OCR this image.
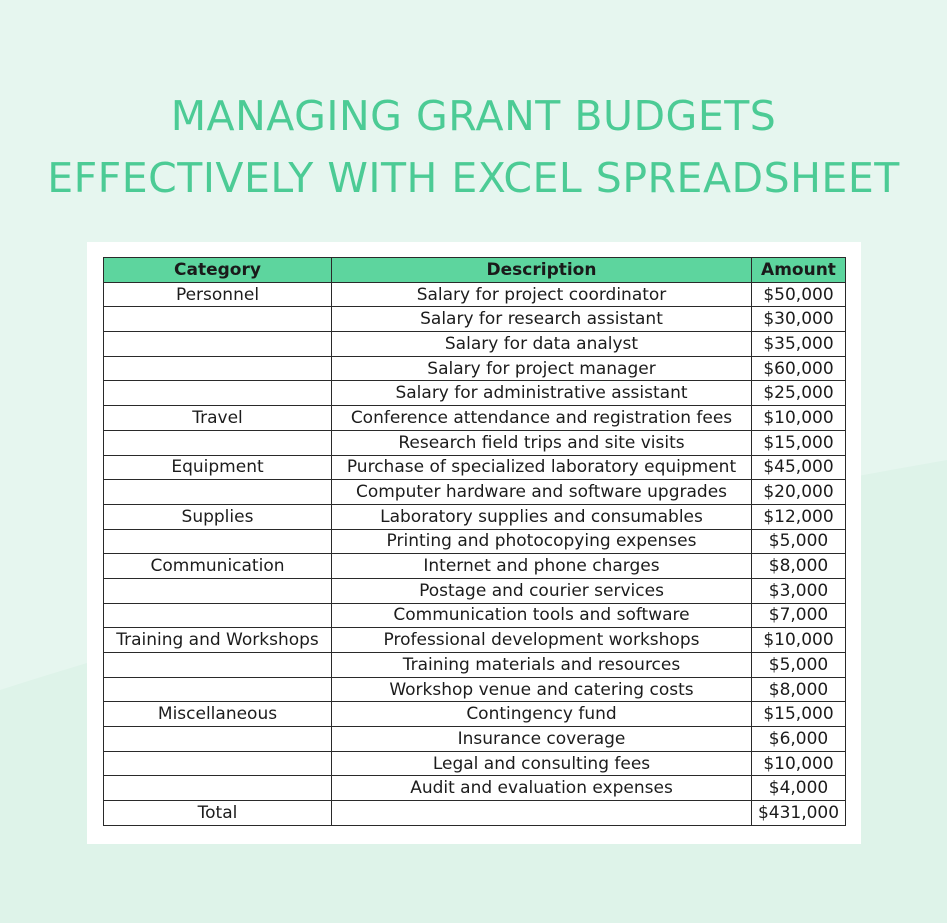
MANAGING GRANT BUDGETS
EFFECTIVELY WITH EXCEL SPREADSHEET
Category	Description	Amount
Personnel	Salary for project coordinator	$50,000
	Salary for research assistant	$30,000
	Salary for data analyst	$35,000
	Salary for project manager	$60,000
	Salary for administrative assistant	$25,000
Travel	Conference attendance and registration fees	$10,000
	Research field trips and site visits	$15,000
Equipment	Purchase of specialized laboratory equipment	$45,000
	Computer hardware and software upgrades	$20,000
Supplies	Laboratory supplies and consumables	$12,000
	Printing and photocopying expenses	$5,000
Communication	Internet and phone charges	$8,000
	Postage and courier services	$3,000
	Communication tools and software	$7,000
Training and Workshops	Professional development workshops	$10,000
	Training materials and resources	$5,000
	Workshop venue and catering costs	$8,000
Miscellaneous	Contingency fund	$15,000
	Insurance coverage	$6,000
	Legal and consulting fees	$10,000
	Audit and evaluation expenses	$4,000
Total		$431,000
